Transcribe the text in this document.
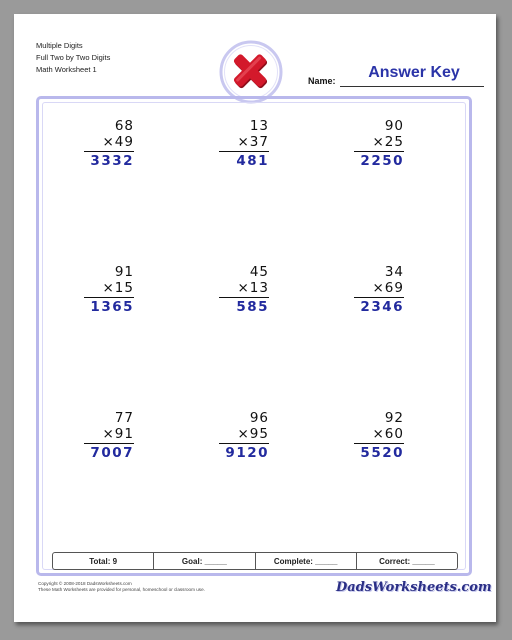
Multiple Digits
Full Two by Two Digits
Math Worksheet 1
Name:	Answer Key
68
×49
3332
13
×37
481
90
×25
2250
91
×15
1365
45
×13
585
34
×69
2346
77
×91
7007
96
×95
9120
92
×60
5520
Total: 9	Goal: _____	Complete: _____	Correct: _____
Copyright © 2008-2018 DadsWorksheets.com
These Math Worksheets are provided for personal, homeschool or classroom use.	DadsWorksheets.com
